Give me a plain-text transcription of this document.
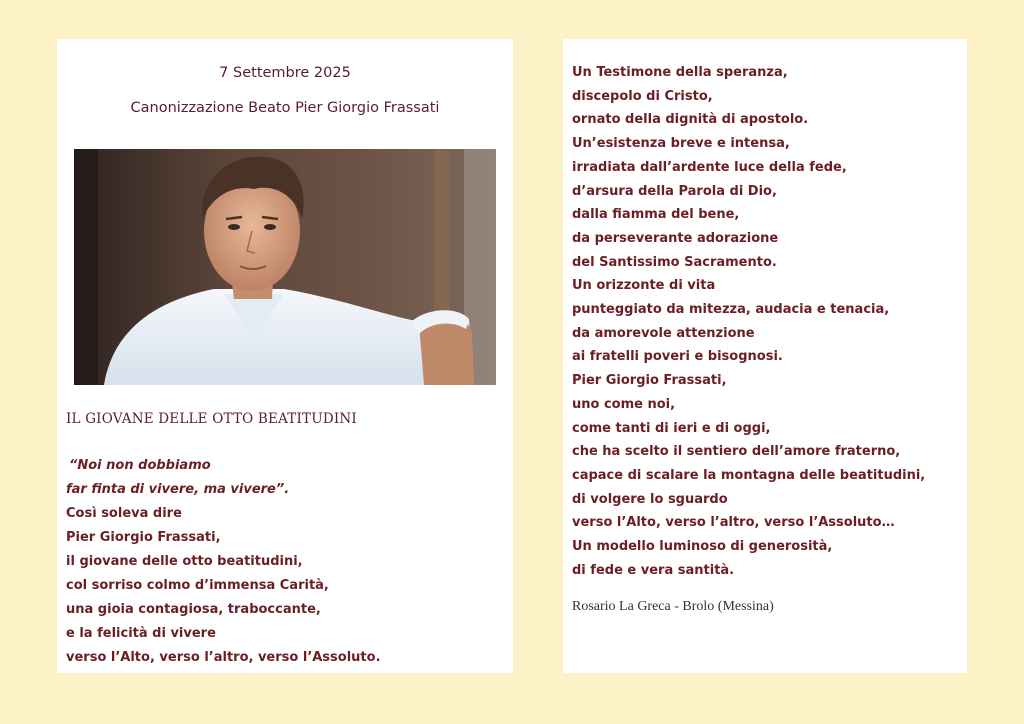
7 Settembre 2025
Canonizzazione Beato Pier Giorgio Frassati
IL GIOVANE DELLE OTTO BEATITUDINI
“Noi non dobbiamo
far finta di vivere, ma vivere”.
Così soleva dire
Pier Giorgio Frassati,
il giovane delle otto beatitudini,
col sorriso colmo d’immensa Carità,
una gioia contagiosa, traboccante,
e la felicità di vivere
verso l’Alto, verso l’altro, verso l’Assoluto.
Un Testimone della speranza,
discepolo di Cristo,
ornato della dignità di apostolo.
Un’esistenza breve e intensa,
irradiata dall’ardente luce della fede,
d’arsura della Parola di Dio,
dalla fiamma del bene,
da perseverante adorazione
del Santissimo Sacramento.
Un orizzonte di vita
punteggiato da mitezza, audacia e tenacia,
da amorevole attenzione
ai fratelli poveri e bisognosi.
Pier Giorgio Frassati,
uno come noi,
come tanti di ieri e di oggi,
che ha scelto il sentiero dell’amore fraterno,
capace di scalare la montagna delle beatitudini,
di volgere lo sguardo
verso l’Alto, verso l’altro, verso l’Assoluto…
Un modello luminoso di generosità,
di fede e vera santità.
Rosario La Greca - Brolo (Messina)
